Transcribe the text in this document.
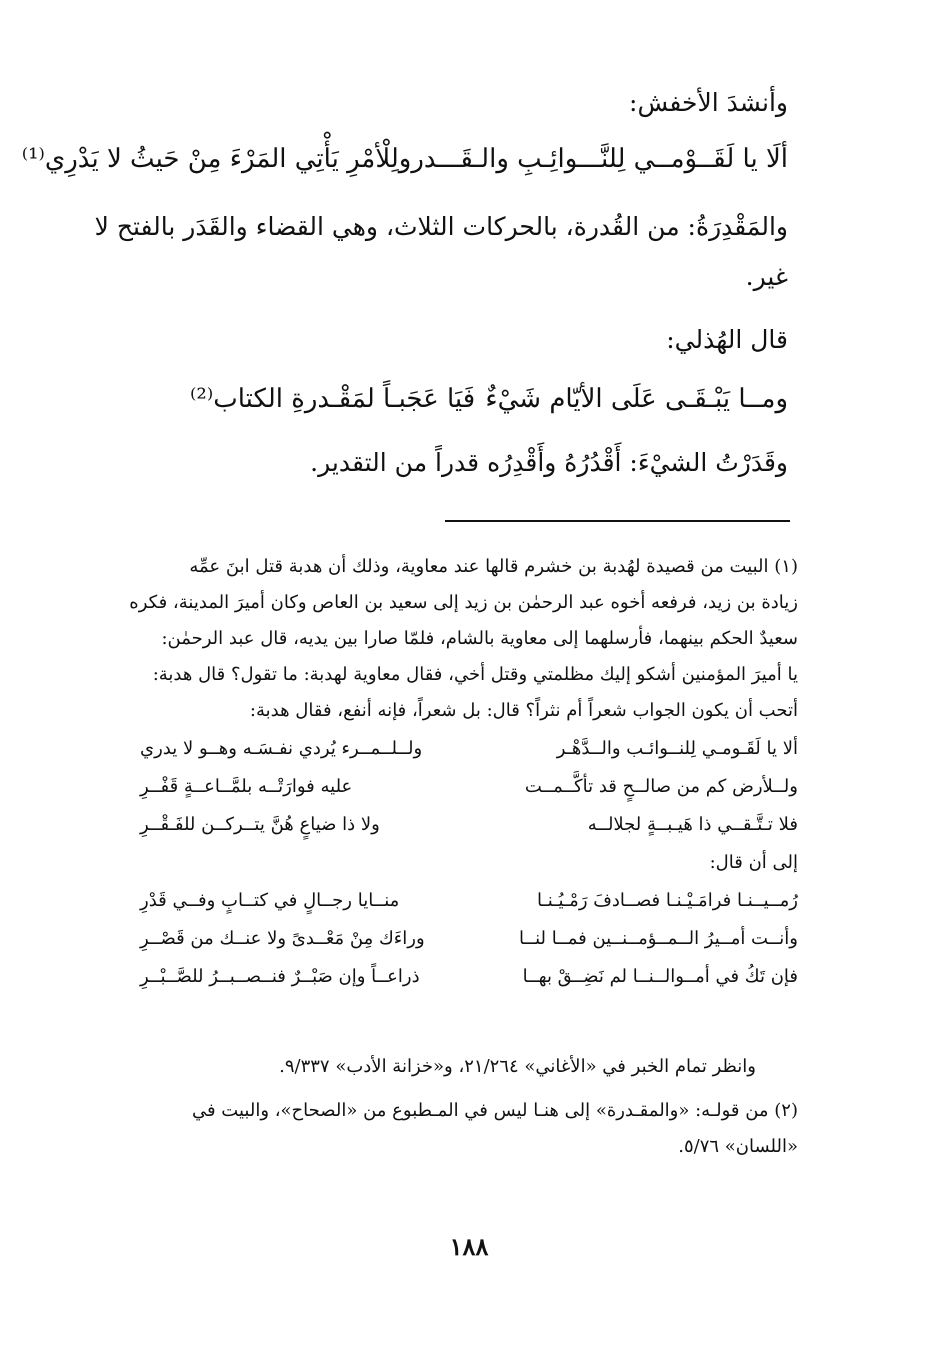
وأنشدَ الأخفش:
ألَا يا لَقَــوْمــي لِلنَّـــوائِـبِ والـقَـــدر
ولِلْأمْرِ يَأْتِي المَرْءَ مِنْ حَيثُ لا يَدْرِي⁽¹⁾
والمَقْدِرَةُ: من القُدرة، بالحركات الثلاث، وهي القضاء والقَدَر بالفتح لا
غير.
قال الهُذلي:
ومــا يَبْـقَـى عَلَى الأيّام شَيْءٌ
فَيَا عَجَبـاً لمَقْـدرةِ الكتاب⁽²⁾
وقَدَرْتُ الشيْءَ: أَقْدُرُهُ وأَقْدِرُه قدراً من التقدير.
(١) البيت من قصيدة لهُدبة بن خشرم قالها عند معاوية، وذلك أن هدبة قتل ابنَ عمِّه
زيادة بن زيد، فرفعه أخوه عبد الرحمٰن بن زيد إلى سعيد بن العاص وكان أميرَ المدينة، فكره
سعيدٌ الحكم بينهما، فأرسلهما إلى معاوية بالشام، فلمّا صارا بين يديه، قال عبد الرحمٰن:
يا أميرَ المؤمنين أشكو إليك مظلمتي وقتل أخي، فقال معاوية لهدبة: ما تقول؟ قال هدبة:
أتحب أن يكون الجواب شعراً أم نثراً؟ قال: بل شعراً، فإنه أنفع، فقال هدبة:
ألا يا لَقَـومـي لِلنــوائـب والــدَّهْـر
ولــلــمــرء يُردي نفـسَـه وهــو لا يدري
ولــلأرض كم من صالــحٍ قد تأكَّــمــت
عليه فوارَتْــه بلمَّــاعــةٍ قَفْــرِ
فلا تـتَّـقــي ذا هَيـبــةٍ لجلالــه
ولا ذا ضياعٍ هُنَّ يتــركــن للفَـقْــرِ
إلى أن قال:
رُمــيــنـا فرامَـيْـنـا فصــادفَ رَمْـيُـنـا
منــايا رجــالٍ في كتــابٍ وفــي قَدْرِ
وأنــت أمــيرُ الــمــؤمــنــين فمــا لنــا
وراءَك مِنْ مَعْــدىً ولا عنــك من قَصْــرِ
فإن تَكُ في أمــوالــنــا لم نَضِــقْ بهــا
ذراعــاً وإن صَبْــرٌ فنــصــبــرُ للصَّــبْــرِ
وانظر تمام الخبر في «الأغاني» ٢١/٢٦٤، و«خزانة الأدب» ٩/٣٣٧.
(٢) من قولـه: «والمقـدرة» إلى هنـا ليس في المـطبوع من «الصحاح»، والبيت في
«اللسان» ٥/٧٦.
١٨٨
